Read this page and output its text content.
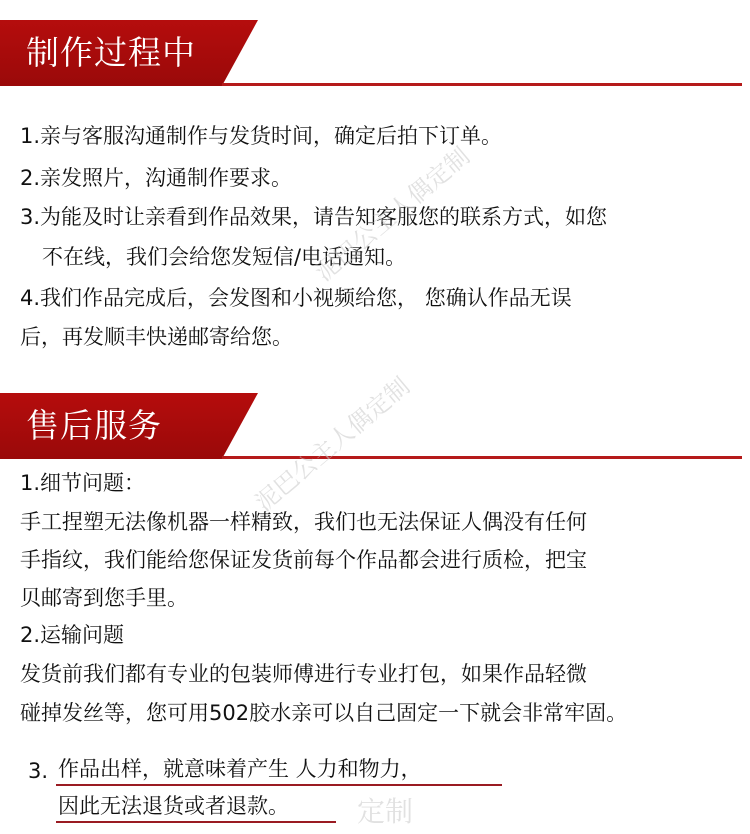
制作过程中
1.亲与客服沟通制作与发货时间，确定后拍下订单。
2.亲发照片，沟通制作要求。
3.为能及时让亲看到作品效果，请告知客服您的联系方式，如您
不在线，我们会给您发短信/电话通知。
4.我们作品完成后，会发图和小视频给您， 您确认作品无误
后，再发顺丰快递邮寄给您。
售后服务
1.细节问题：
手工捏塑无法像机器一样精致，我们也无法保证人偶没有任何
手指纹，我们能给您保证发货前每个作品都会进行质检，把宝
贝邮寄到您手里。
2.运输问题
发货前我们都有专业的包装师傅进行专业打包，如果作品轻微
碰掉发丝等，您可用502胶水亲可以自己固定一下就会非常牢固。
3. 作品出样，就意味着产生 人力和物力，
因此无法退货或者退款。
泥巴公主人偶定制
泥巴公主人偶定制
定制
